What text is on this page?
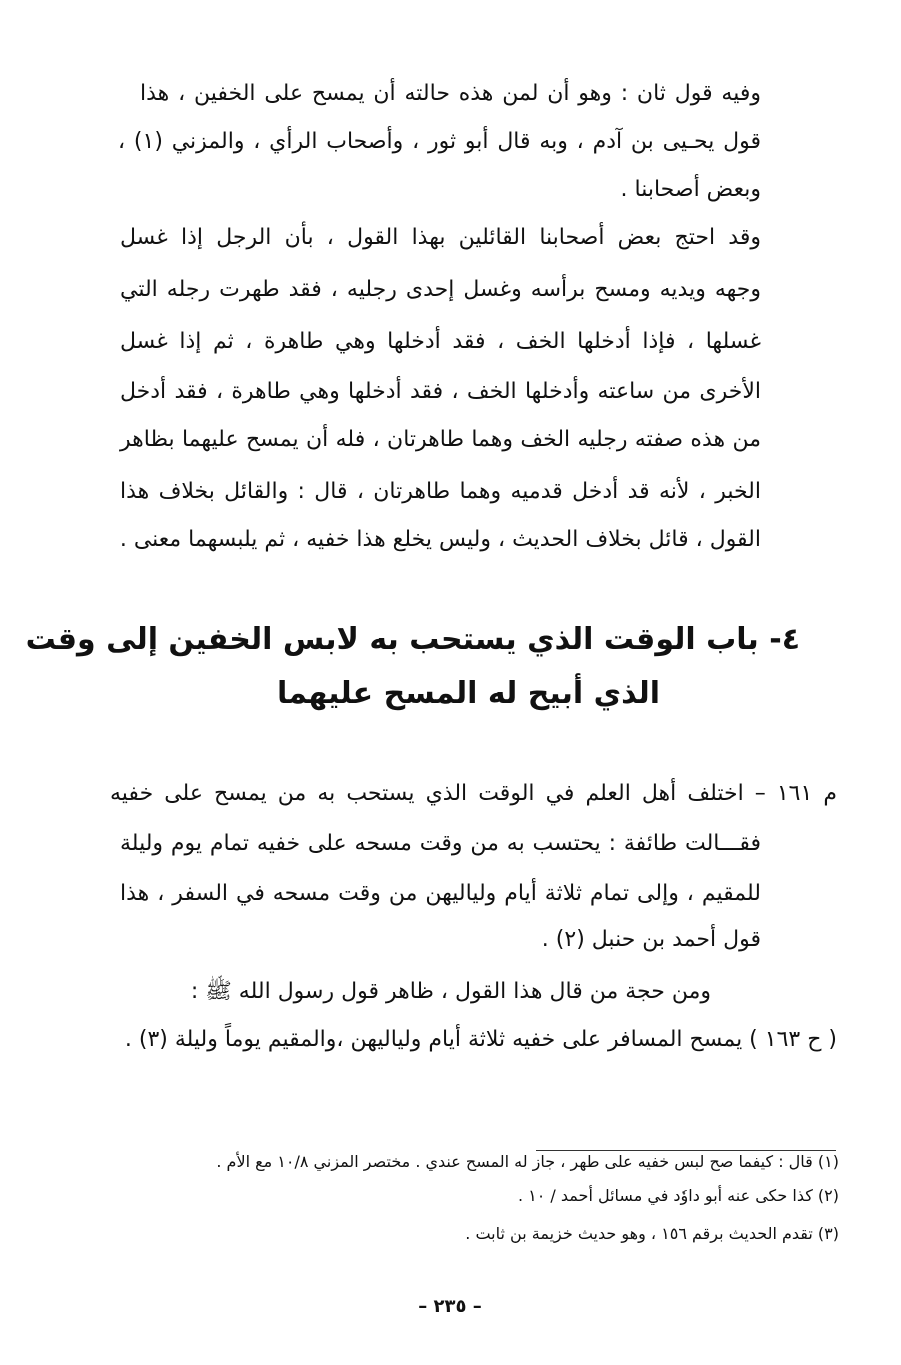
وفيه قول ثان : وهو أن لمن هذه حالته أن يمسح على الخفين ، هذا
قول يحـيى بن آدم ، وبه قال أبو ثور ، وأصحاب الرأي ، والمزني (١) ،
وبعض أصحابنا .
وقد احتج بعض أصحابنا القائلين بهذا القول ، بأن الرجل إذا غسل
وجهه ويديه ومسح برأسه وغسل إحدى رجليه ، فقد طهرت رجله التي
غسلها ، فإذا أدخلها الخف ، فقد أدخلها وهي طاهرة ، ثم إذا غسل
الأخرى من ساعته وأدخلها الخف ، فقد أدخلها وهي طاهرة ، فقد أدخل
من هذه صفته رجليه الخف وهما طاهرتان ، فله أن يمسح عليهما بظاهر
الخبر ، لأنه قد أدخل قدميه وهما طاهرتان ، قال : والقائل بخلاف هذا
القول ، قائل بخلاف الحديث ، وليس يخلع هذا خفيه ، ثم يلبسهما معنى .
٤- باب الوقت الذي يستحب به لابس الخفين إلى وقت
الذي أبيح له المسح عليهما
م ١٦١ – اختلف أهل العلم في الوقت الذي يستحب به من يمسح على خفيه
فقـــالت طائفة : يحتسب به من وقت مسحه على خفيه تمام يوم وليلة
للمقيم ، وإلى تمام ثلاثة أيام ولياليهن من وقت مسحه في السفر ، هذا
قول أحمد بن حنبل (٢) .
ومن حجة من قال هذا القول ، ظاهر قول رسول الله ﷺ :
( ح ١٦٣ ) يمسح المسافر على خفيه ثلاثة أيام ولياليهن ،والمقيم يوماً وليلة (٣) .
(١) قال : كيفما صح لبس خفيه على طهر ، جاز له المسح عندي . مختصر المزني ١٠/٨ مع الأم .
(٢) كذا حكى عنه أبو داوٗد في مسائل أحمد / ١٠ .
(٣) تقدم الحديث برقم ١٥٦ ، وهو حديث خزيمة بن ثابت .
– ٢٣٥ –
